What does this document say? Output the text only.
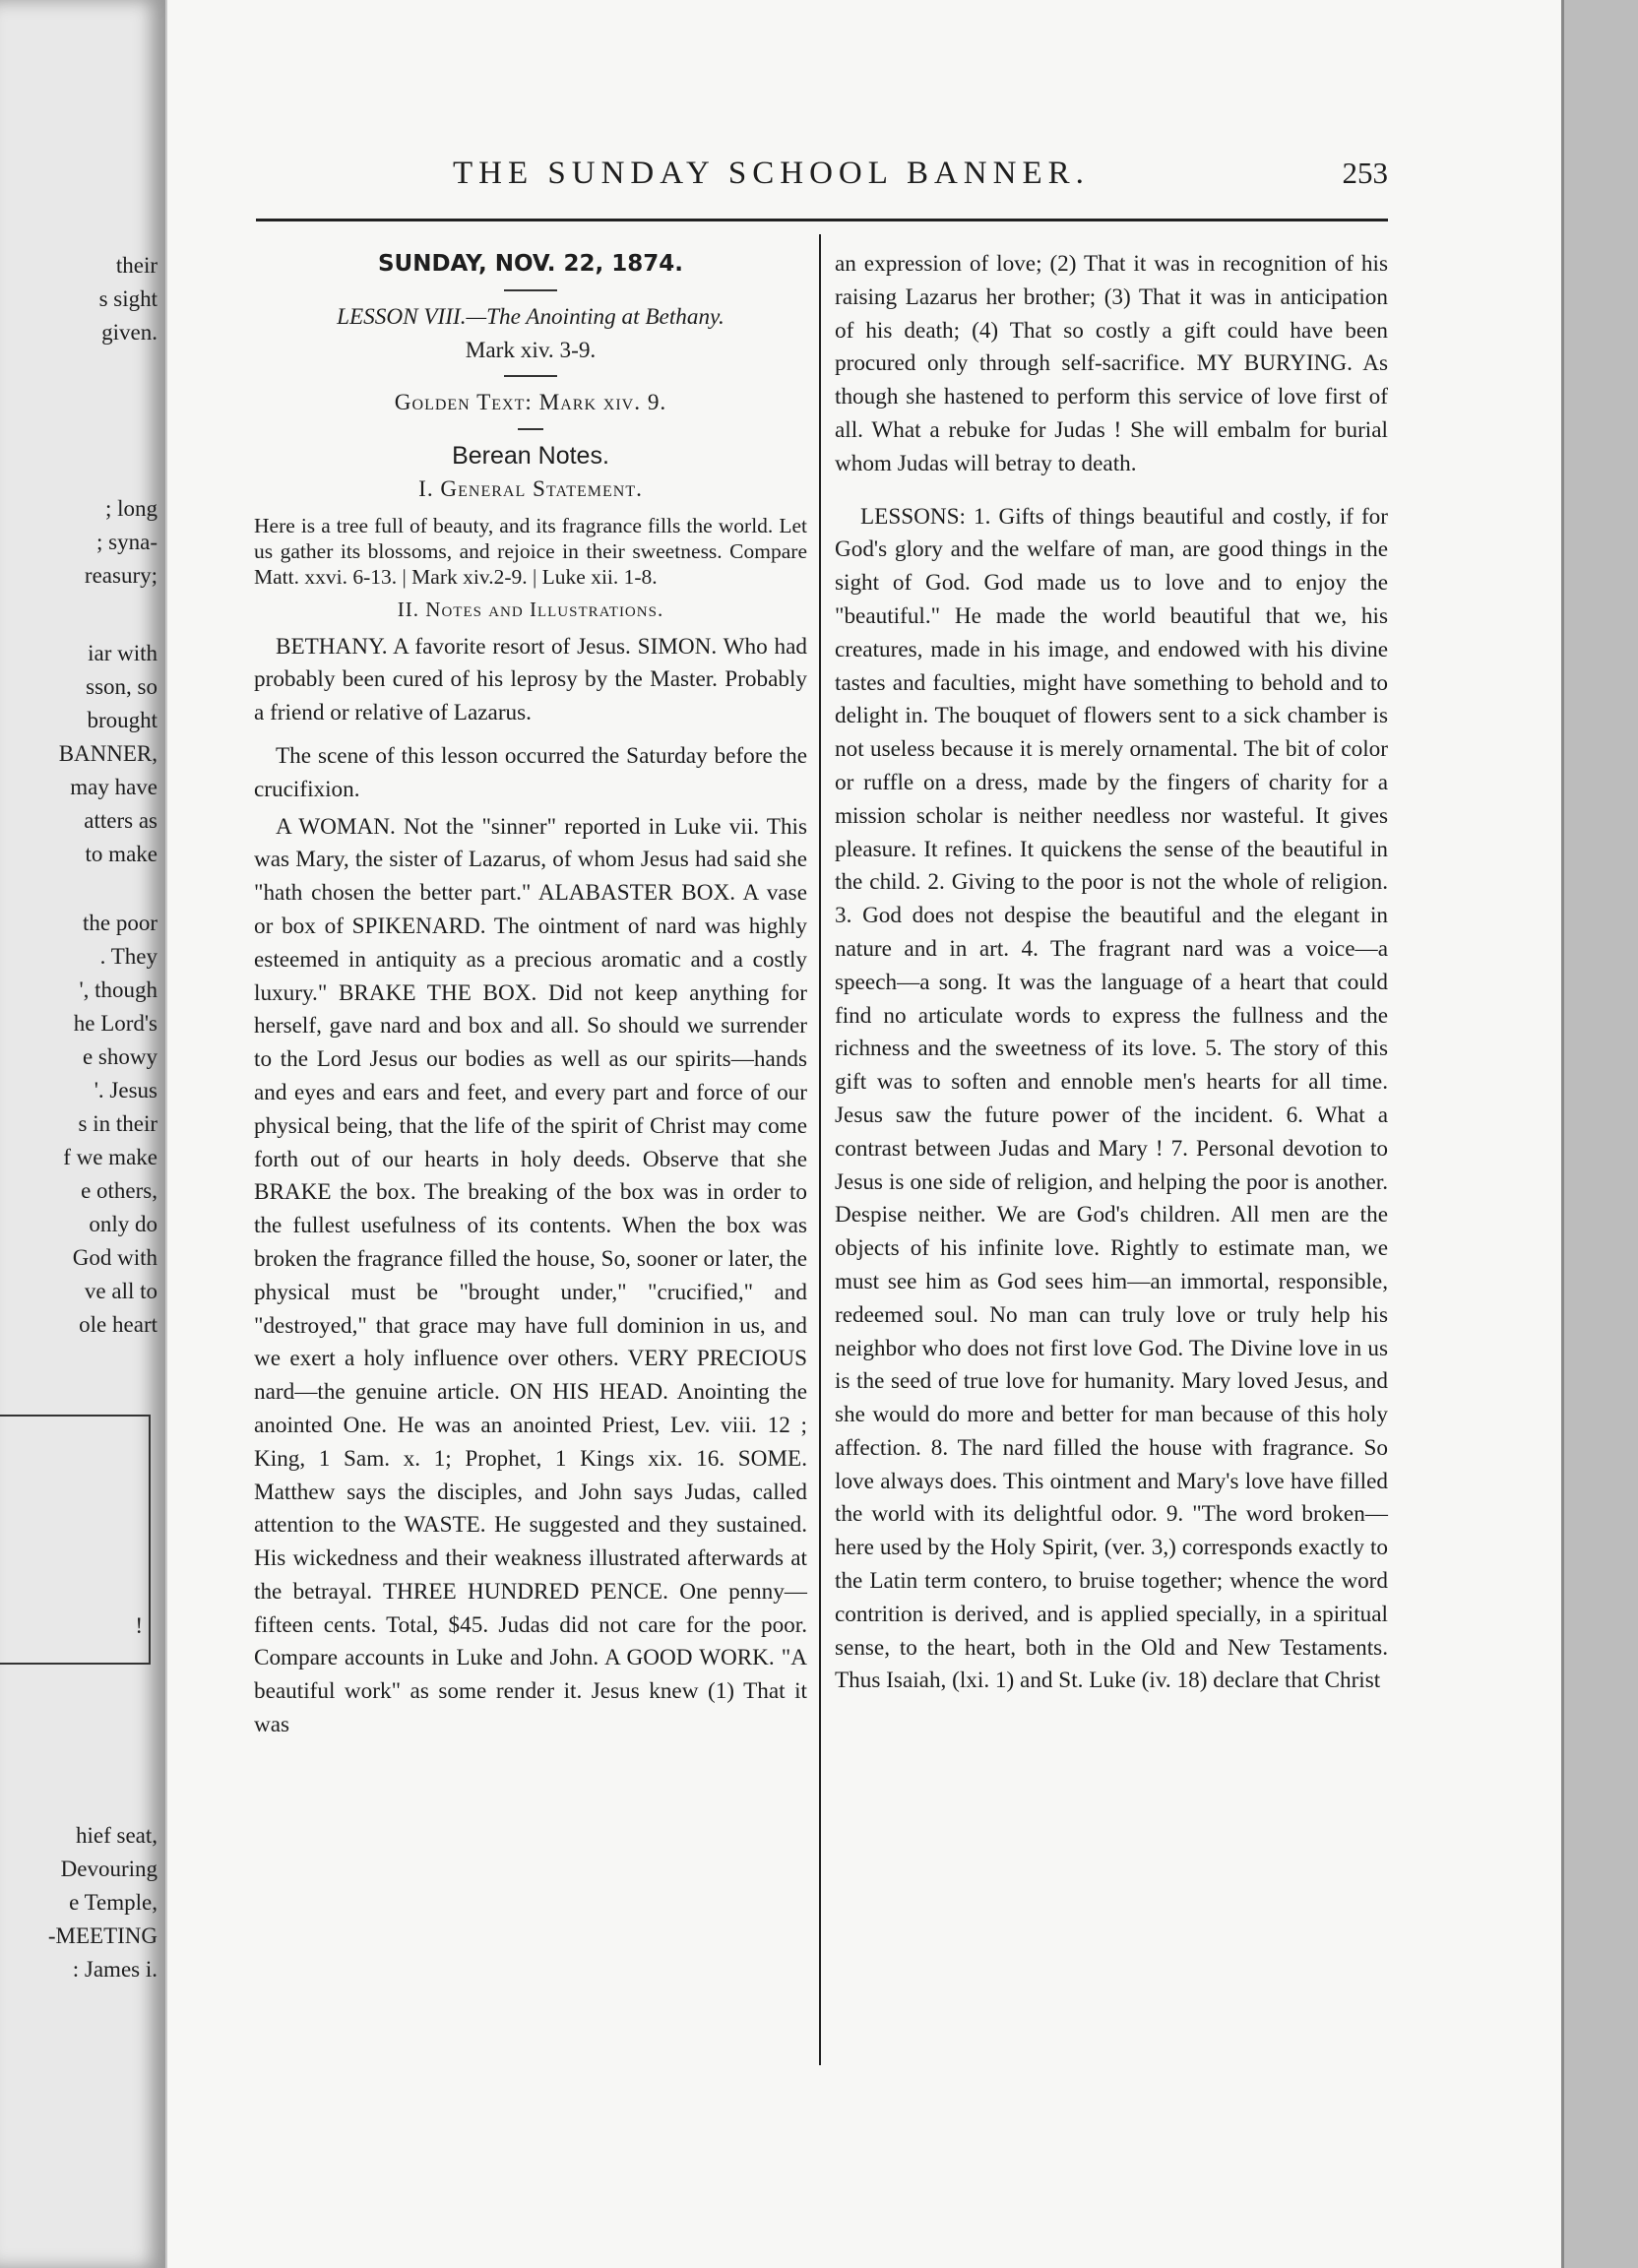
their
s sight
given.
; long
; syna-
reasury;
iar with
sson, so
brought
BANNER,
may have
atters as
to make
the poor
. They
', though
he Lord's
e showy
'. Jesus
s in their
f we make
e others,
only do
God with
ve all to
ole heart
hief seat,
Devouring
e Temple,
-MEETING
: James i.
!
THE SUNDAY SCHOOL BANNER.	253

SUNDAY, NOV. 22, 1874.

LESSON VIII.—The Anointing at Bethany.

Mark xiv. 3-9.

Golden Text: Mark xiv. 9.

Berean Notes.

I. General Statement.

Here is a tree full of beauty, and its fragrance fills the world. Let us gather its blossoms, and rejoice in their sweetness. Compare Matt. xxvi. 6-13. | Mark xiv.2-9. | Luke xii. 1-8.

II. Notes and Illustrations.

BETHANY. A favorite resort of Jesus. SIMON. Who had probably been cured of his leprosy by the Master. Probably a friend or relative of Lazarus.

The scene of this lesson occurred the Saturday before the crucifixion.

A WOMAN. Not the "sinner" reported in Luke vii. This was Mary, the sister of Lazarus, of whom Jesus had said she "hath chosen the better part." ALABASTER BOX. A vase or box of SPIKENARD. The ointment of nard was highly esteemed in antiquity as a precious aromatic and a costly luxury." BRAKE THE BOX. Did not keep anything for herself, gave nard and box and all. So should we surrender to the Lord Jesus our bodies as well as our spirits—hands and eyes and ears and feet, and every part and force of our physical being, that the life of the spirit of Christ may come forth out of our hearts in holy deeds. Observe that she BRAKE the box. The breaking of the box was in order to the fullest usefulness of its contents. When the box was broken the fragrance filled the house, So, sooner or later, the physical must be "brought under," "crucified," and "destroyed," that grace may have full dominion in us, and we exert a holy influence over others. VERY PRECIOUS nard—the genuine article. ON HIS HEAD. Anointing the anointed One. He was an anointed Priest, Lev. viii. 12 ; King, 1 Sam. x. 1; Prophet, 1 Kings xix. 16. SOME. Matthew says the disciples, and John says Judas, called attention to the WASTE. He suggested and they sustained. His wickedness and their weakness illustrated afterwards at the betrayal. THREE HUNDRED PENCE. One penny—fifteen cents. Total, $45. Judas did not care for the poor. Compare accounts in Luke and John. A GOOD WORK. "A beautiful work" as some render it. Jesus knew (1) That it was

an expression of love; (2) That it was in recognition of his raising Lazarus her brother; (3) That it was in anticipation of his death; (4) That so costly a gift could have been procured only through self-sacrifice. MY BURYING. As though she hastened to perform this service of love first of all. What a rebuke for Judas ! She will embalm for burial whom Judas will betray to death.

LESSONS: 1. Gifts of things beautiful and costly, if for God's glory and the welfare of man, are good things in the sight of God. God made us to love and to enjoy the "beautiful." He made the world beautiful that we, his creatures, made in his image, and endowed with his divine tastes and faculties, might have something to behold and to delight in. The bouquet of flowers sent to a sick chamber is not useless because it is merely ornamental. The bit of color or ruffle on a dress, made by the fingers of charity for a mission scholar is neither needless nor wasteful. It gives pleasure. It refines. It quickens the sense of the beautiful in the child. 2. Giving to the poor is not the whole of religion. 3. God does not despise the beautiful and the elegant in nature and in art. 4. The fragrant nard was a voice—a speech—a song. It was the language of a heart that could find no articulate words to express the fullness and the richness and the sweetness of its love. 5. The story of this gift was to soften and ennoble men's hearts for all time. Jesus saw the future power of the incident. 6. What a contrast between Judas and Mary ! 7. Personal devotion to Jesus is one side of religion, and helping the poor is another. Despise neither. We are God's children. All men are the objects of his infinite love. Rightly to estimate man, we must see him as God sees him—an immortal, responsible, redeemed soul. No man can truly love or truly help his neighbor who does not first love God. The Divine love in us is the seed of true love for humanity. Mary loved Jesus, and she would do more and better for man because of this holy affection. 8. The nard filled the house with fragrance. So love always does. This ointment and Mary's love have filled the world with its delightful odor. 9. "The word broken—here used by the Holy Spirit, (ver. 3,) corresponds exactly to the Latin term contero, to bruise together; whence the word contrition is derived, and is applied specially, in a spiritual sense, to the heart, both in the Old and New Testaments. Thus Isaiah, (lxi. 1) and St. Luke (iv. 18) declare that Christ
